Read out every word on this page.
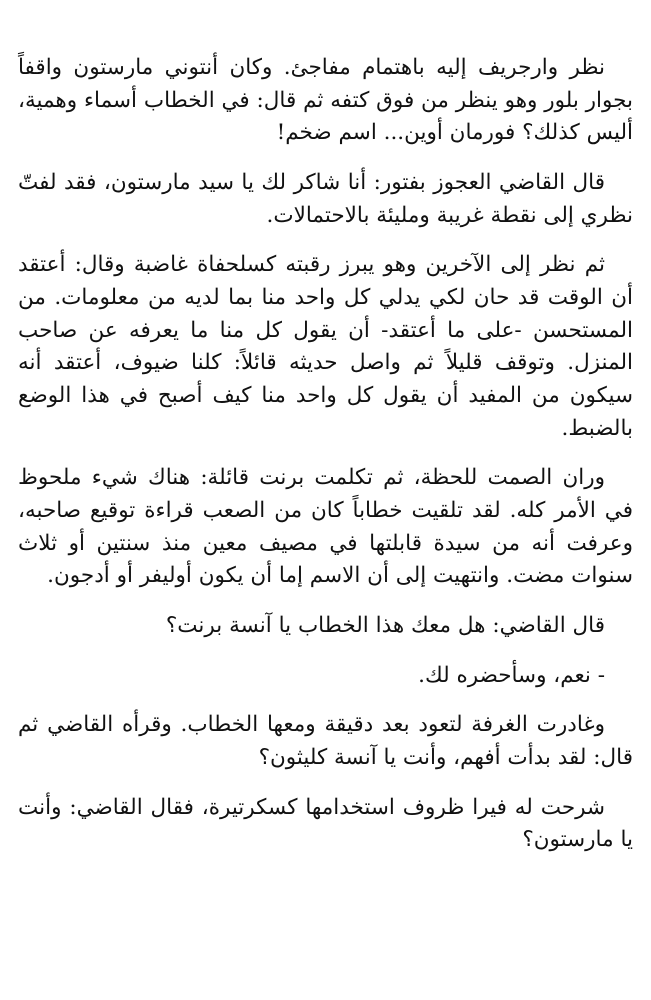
نظر وارجريف إليه باهتمام مفاجئ. وكان أنتوني مارستون واقفاً بجوار بلور وهو ينظر من فوق كتفه ثم قال: في الخطاب أسماء وهمية، أليس كذلك؟ فورمان أوين... اسم ضخم!

قال القاضي العجوز بفتور: أنا شاكر لك يا سيد مارستون، فقد لفتّ نظري إلى نقطة غريبة ومليئة بالاحتمالات.

ثم نظر إلى الآخرين وهو يبرز رقبته كسلحفاة غاضبة وقال: أعتقد أن الوقت قد حان لكي يدلي كل واحد منا بما لديه من معلومات. من المستحسن -على ما أعتقد- أن يقول كل منا ما يعرفه عن صاحب المنزل. وتوقف قليلاً ثم واصل حديثه قائلاً: كلنا ضيوف، أعتقد أنه سيكون من المفيد أن يقول كل واحد منا كيف أصبح في هذا الوضع بالضبط.

وران الصمت للحظة، ثم تكلمت برنت قائلة: هناك شيء ملحوظ في الأمر كله. لقد تلقيت خطاباً كان من الصعب قراءة توقيع صاحبه، وعرفت أنه من سيدة قابلتها في مصيف معين منذ سنتين أو ثلاث سنوات مضت. وانتهيت إلى أن الاسم إما أن يكون أوليفر أو أدجون.

قال القاضي: هل معك هذا الخطاب يا آنسة برنت؟

- نعم، وسأحضره لك.

وغادرت الغرفة لتعود بعد دقيقة ومعها الخطاب. وقرأه القاضي ثم قال: لقد بدأت أفهم، وأنت يا آنسة كليثون؟

شرحت له فيرا ظروف استخدامها كسكرتيرة، فقال القاضي: وأنت يا مارستون؟
